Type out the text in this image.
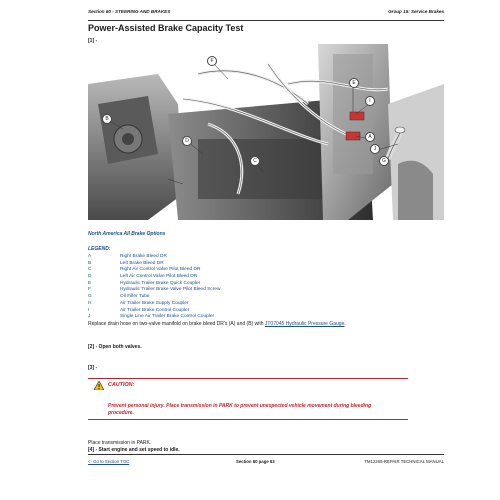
Section 60 - STEERING AND BRAKES	Group 15: Service Brakes
Power-Assisted Brake Capacity Test
[1] -
F
E
I
A
J
G
B
D
C
North America All Brake Options
LEGEND:
A	Right Brake Bleed DR
B	Left Brake Bleed DR
C	Right Air Control Valve Pilot Bleed DR
D	Left Air Control Valve Pilot Bleed DR
E	Hydraulic Trailer Brake Quick Coupler
F	Hydraulic Trailer Brake Valve Pilot Bleed Screw
G	Oil Filler Tube
H	Air Trailer Brake Supply Coupler
I	Air Trailer Brake Control Coupler
J	Single Line Air Trailer Brake Control Coupler
Replace drain hose on two-valve manifold on brake bleed DR's (A) and (B) with JT07045 Hydraulic Pressure Gauge.
[2] - Open both valves.
[3] -
CAUTION:
Prevent personal injury. Place transmission in PARK to prevent unexpected vehicle movement during bleeding procedure.
Place transmission in PARK.
[4] - Start engine and set speed to idle.
<- Go to Section TOC	Section 60 page 63	TM12266-REPAIR TECHNICAL MANUAL
